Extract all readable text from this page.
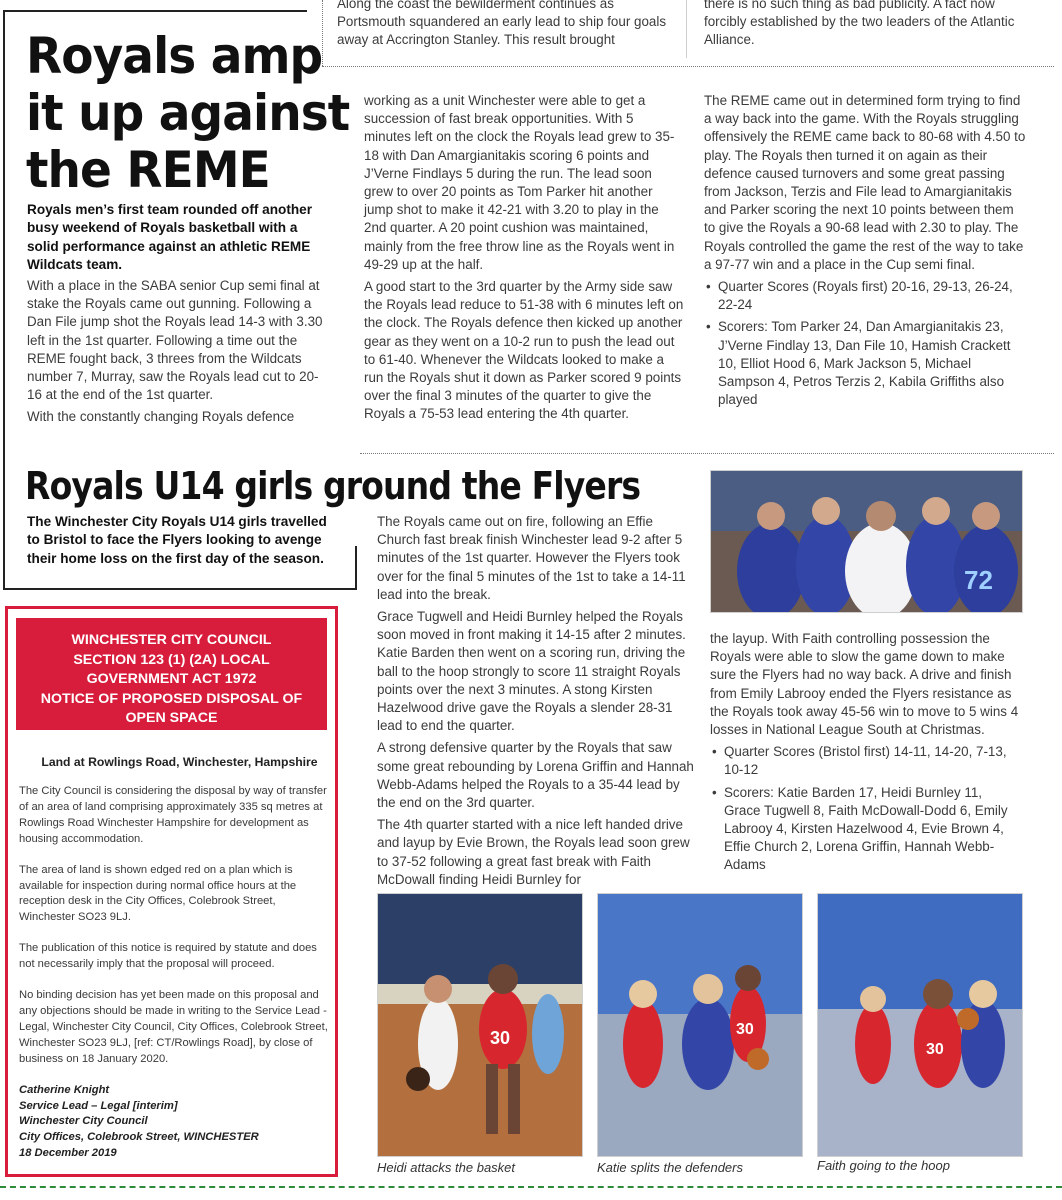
Along the coast the bewilderment continues as Portsmouth squandered an early lead to ship four goals away at Accrington Stanley. This result brought
there is no such thing as bad publicity. A fact now forcibly established by the two leaders of the Atlantic Alliance.
Royals amp
it up against
the REME
Royals men’s first team rounded off another busy weekend of Royals basketball with a solid performance against an athletic REME Wildcats team.

With a place in the SABA senior Cup semi final at stake the Royals came out gunning. Following a Dan File jump shot the Royals lead 14-3 with 3.30 left in the 1st quarter. Following a time out the REME fought back, 3 threes from the Wildcats number 7, Murray, saw the Royals lead cut to 20-16 at the end of the 1st quarter.

With the constantly changing Royals defence

working as a unit Winchester were able to get a succession of fast break opportunities. With 5 minutes left on the clock the Royals lead grew to 35-18 with Dan Amargianitakis scoring 6 points and J’Verne Findlays 5 during the run. The lead soon grew to over 20 points as Tom Parker hit another jump shot to make it 42-21 with 3.20 to play in the 2nd quarter. A 20 point cushion was maintained, mainly from the free throw line as the Royals went in 49-29 up at the half.

A good start to the 3rd quarter by the Army side saw the Royals lead reduce to 51-38 with 6 minutes left on the clock. The Royals defence then kicked up another gear as they went on a 10-2 run to push the lead out to 61-40. Whenever the Wildcats looked to make a run the Royals shut it down as Parker scored 9 points over the final 3 minutes of the quarter to give the Royals a 75-53 lead entering the 4th quarter.

The REME came out in determined form trying to find a way back into the game. With the Royals struggling offensively the REME came back to 80-68 with 4.50 to play. The Royals then turned it on again as their defence caused turnovers and some great passing from Jackson, Terzis and File lead to Amargianitakis and Parker scoring the next 10 points between them to give the Royals a 90-68 lead with 2.30 to play. The Royals controlled the game the rest of the way to take a 97-77 win and a place in the Cup semi final.

• Quarter Scores (Royals first) 20-16, 29-13, 26-24, 22-24
• Scorers: Tom Parker 24, Dan Amargianitakis 23, J’Verne Findlay 13, Dan File 10, Hamish Crackett 10, Elliot Hood 6, Mark Jackson 5, Michael Sampson 4, Petros Terzis 2, Kabila Griffiths also played
Royals U14 girls ground the Flyers
The Winchester City Royals U14 girls travelled to Bristol to face the Flyers looking to avenge their home loss on the first day of the season.

The Royals came out on fire, following an Effie Church fast break finish Winchester lead 9-2 after 5 minutes of the 1st quarter. However the Flyers took over for the final 5 minutes of the 1st to take a 14-11 lead into the break.

Grace Tugwell and Heidi Burnley helped the Royals soon moved in front making it 14-15 after 2 minutes. Katie Barden then went on a scoring run, driving the ball to the hoop strongly to score 11 straight Royals points over the next 3 minutes. A stong Kirsten Hazelwood drive gave the Royals a slender 28-31 lead to end the quarter.

A strong defensive quarter by the Royals that saw some great rebounding by Lorena Griffin and Hannah Webb-Adams helped the Royals to a 35-44 lead by the end on the 3rd quarter.

The 4th quarter started with a nice left handed drive and layup by Evie Brown, the Royals lead soon grew to 37-52 following a great fast break with Faith McDowall finding Heidi Burnley for

the layup. With Faith controlling possession the Royals were able to slow the game down to make sure the Flyers had no way back. A drive and finish from Emily Labrooy ended the Flyers resistance as the Royals took away 45-56 win to move to 5 wins 4 losses in National League South at Christmas.

• Quarter Scores (Bristol first) 14-11, 14-20, 7-13, 10-12
• Scorers: Katie Barden 17, Heidi Burnley 11, Grace Tugwell 8, Faith McDowall-Dodd 6, Emily Labrooy 4, Kirsten Hazelwood 4, Evie Brown 4, Effie Church 2, Lorena Griffin, Hannah Webb-Adams
72
30	30
30
Heidi attacks the basket	Katie splits the defenders	Faith going to the hoop
WINCHESTER CITY COUNCIL
SECTION 123 (1) (2A) LOCAL
GOVERNMENT ACT 1972
NOTICE OF PROPOSED DISPOSAL OF
OPEN SPACE
Land at Rowlings Road, Winchester, Hampshire

The City Council is considering the disposal by way of transfer of an area of land comprising approximately 335 sq metres at Rowlings Road Winchester Hampshire for development as housing accommodation.

The area of land is shown edged red on a plan which is available for inspection during normal office hours at the reception desk in the City Offices, Colebrook Street, Winchester SO23 9LJ.

The publication of this notice is required by statute and does not necessarily imply that the proposal will proceed.

No binding decision has yet been made on this proposal and any objections should be made in writing to the Service Lead - Legal, Winchester City Council, City Offices, Colebrook Street, Winchester SO23 9LJ, [ref: CT/Rowlings Road], by close of business on 18 January 2020.

Catherine Knight
Service Lead – Legal [interim]
Winchester City Council
City Offices, Colebrook Street, WINCHESTER
18 December 2019
